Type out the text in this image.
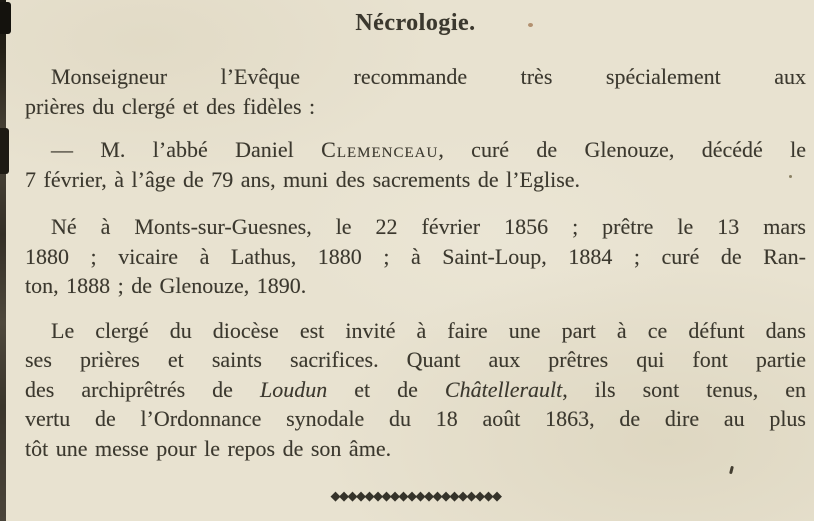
Nécrologie.

Monseigneur l’Evêque recommande très spécialement aux
prières du clergé et des fidèles :

— M. l’abbé Daniel Clemenceau, curé de Glenouze, décédé le
7 février, à l’âge de 79 ans, muni des sacrements de l’Eglise.

Né à Monts-sur-Guesnes, le 22 février 1856 ; prêtre le 13 mars
1880 ; vicaire à Lathus, 1880 ; à Saint-Loup, 1884 ; curé de Ran-
ton, 1888 ; de Glenouze, 1890.

Le clergé du diocèse est invité à faire une part à ce défunt dans
ses prières et saints sacrifices. Quant aux prêtres qui font partie
des archiprêtrés de Loudun et de Châtellerault, ils sont tenus, en
vertu de l’Ordonnance synodale du 18 août 1863, de dire au plus
tôt une messe pour le repos de son âme.

◆◆◆◆◆◆◆◆◆◆◆◆◆◆◆◆◆◆◆◆
